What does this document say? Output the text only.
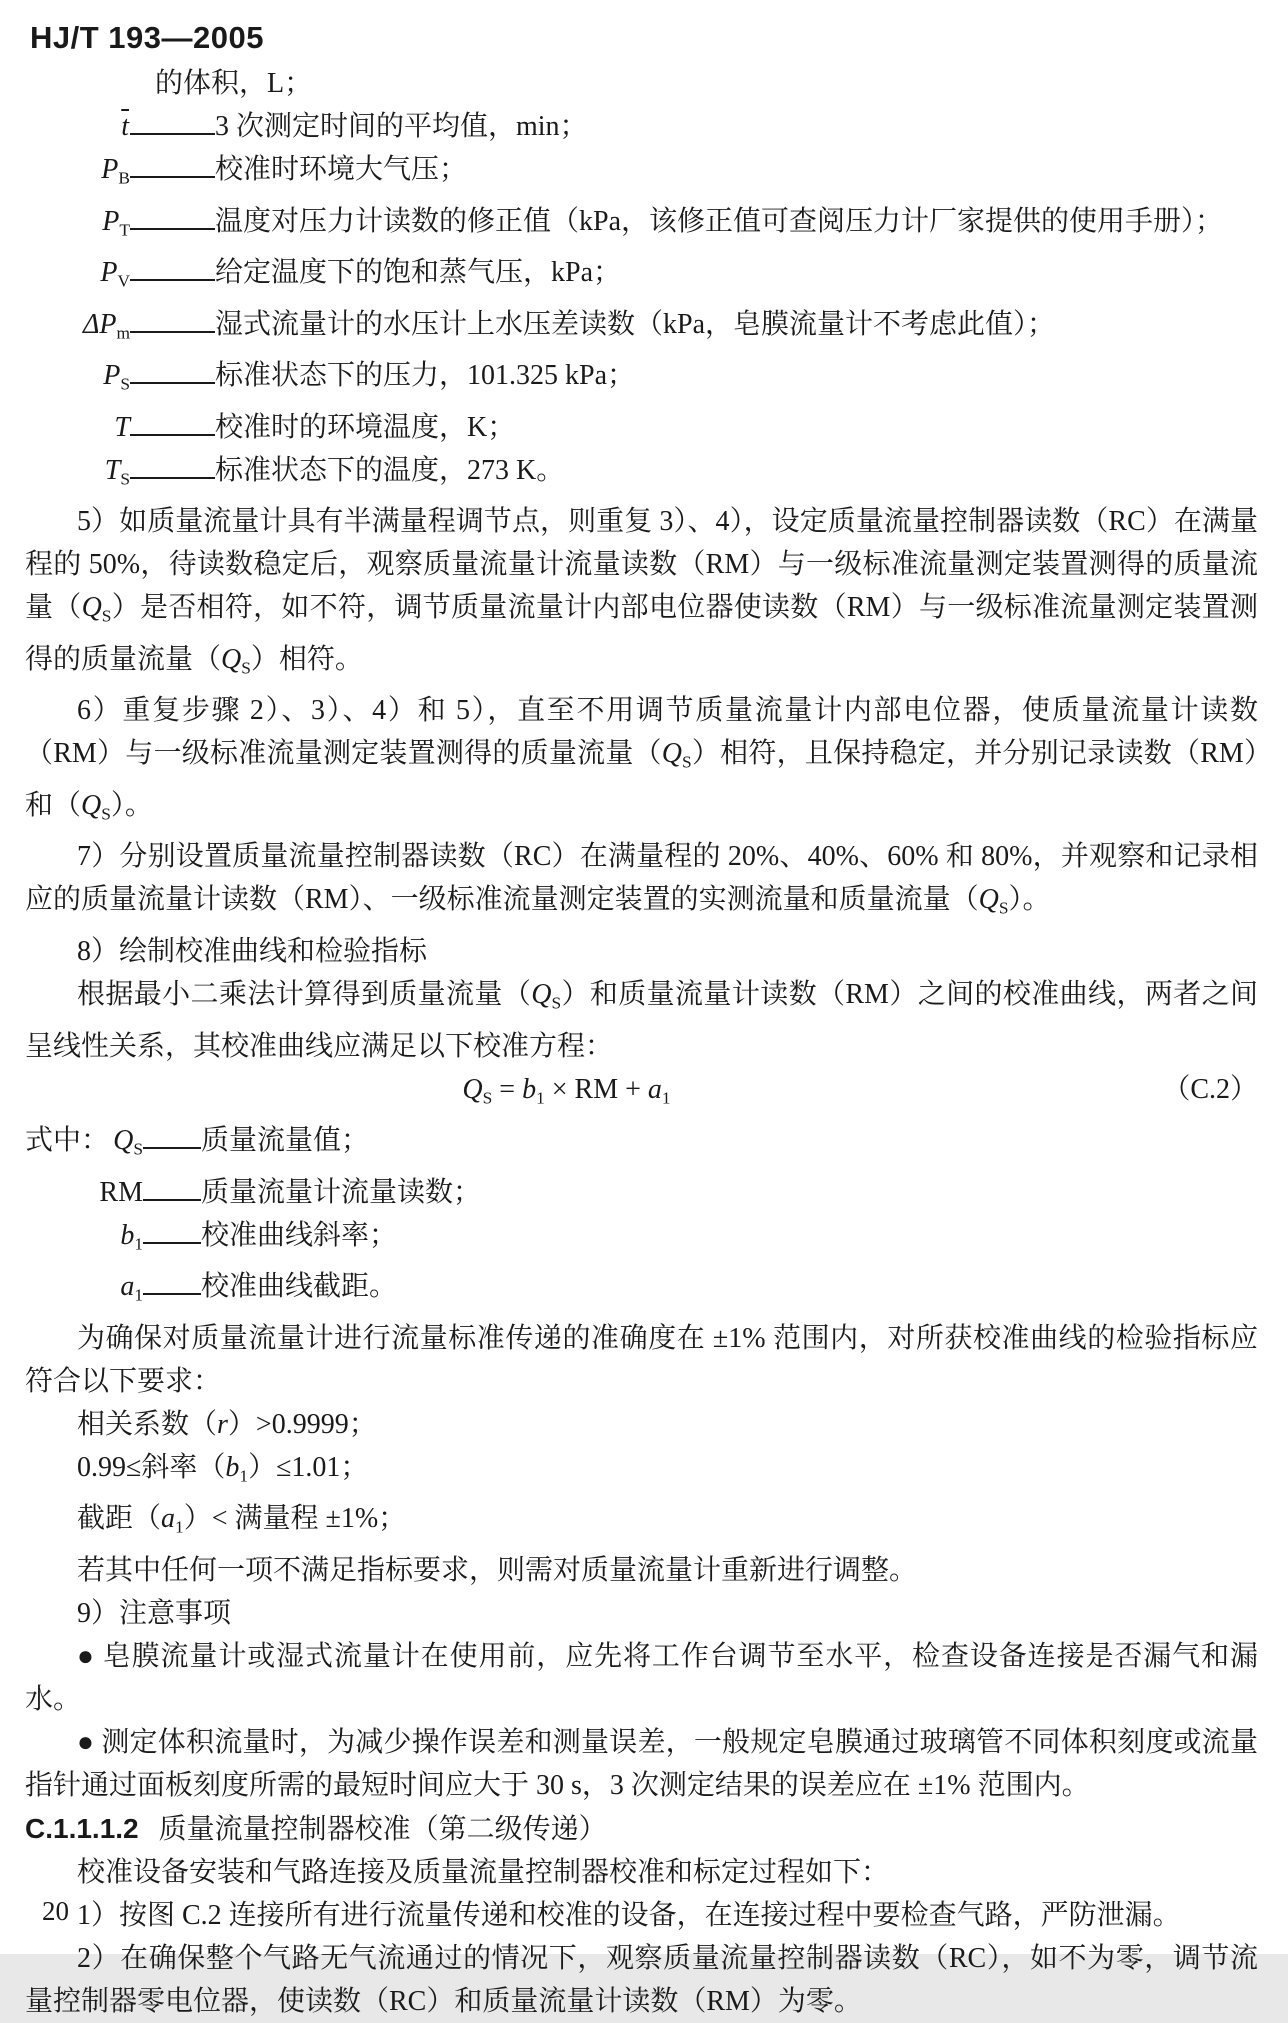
HJ/T 193—2005

的体积，L；

$\overline{t}$	3 次测定时间的平均值，min；
PB	校准时环境大气压；
PT	温度对压力计读数的修正值（kPa，该修正值可查阅压力计厂家提供的使用手册）；
PV	给定温度下的饱和蒸气压，kPa；
ΔPm	湿式流量计的水压计上水压差读数（kPa，皂膜流量计不考虑此值）；
PS	标准状态下的压力，101.325 kPa；
T	校准时的环境温度，K；
TS	标准状态下的温度，273 K。

5）如质量流量计具有半满量程调节点，则重复 3）、4），设定质量流量控制器读数（RC）在满量程的 50%，待读数稳定后，观察质量流量计流量读数（RM）与一级标准流量测定装置测得的质量流量（QS）是否相符，如不符，调节质量流量计内部电位器使读数（RM）与一级标准流量测定装置测得的质量流量（QS）相符。

6）重复步骤 2）、3）、4）和 5），直至不用调节质量流量计内部电位器，使质量流量计读数（RM）与一级标准流量测定装置测得的质量流量（QS）相符，且保持稳定，并分别记录读数（RM）和（QS）。

7）分别设置质量流量控制器读数（RC）在满量程的 20%、40%、60% 和 80%，并观察和记录相应的质量流量计读数（RM）、一级标准流量测定装置的实测流量和质量流量（QS）。

8）绘制校准曲线和检验指标

根据最小二乘法计算得到质量流量（QS）和质量流量计读数（RM）之间的校准曲线，两者之间呈线性关系，其校准曲线应满足以下校准方程：

QS = b1 × RM + a1	（C.2）
式中： QS 质量流量值；
RM 质量流量计流量读数；
b1 校准曲线斜率；
a1 校准曲线截距。

为确保对质量流量计进行流量标准传递的准确度在 ±1% 范围内，对所获校准曲线的检验指标应符合以下要求：

相关系数（r）>0.9999；

0.99≤斜率（b1）≤1.01；

截距（a1）< 满量程 ±1%；

若其中任何一项不满足指标要求，则需对质量流量计重新进行调整。

9）注意事项

● 皂膜流量计或湿式流量计在使用前，应先将工作台调节至水平，检查设备连接是否漏气和漏水。

● 测定体积流量时，为减少操作误差和测量误差，一般规定皂膜通过玻璃管不同体积刻度或流量指针通过面板刻度所需的最短时间应大于 30 s，3 次测定结果的误差应在 ±1% 范围内。

C.1.1.1.2 质量流量控制器校准（第二级传递）

校准设备安装和气路连接及质量流量控制器校准和标定过程如下：

1）按图 C.2 连接所有进行流量传递和校准的设备，在连接过程中要检查气路，严防泄漏。

2）在确保整个气路无气流通过的情况下，观察质量流量控制器读数（RC），如不为零，调节流量控制器零电位器，使读数（RC）和质量流量计读数（RM）为零。

20
